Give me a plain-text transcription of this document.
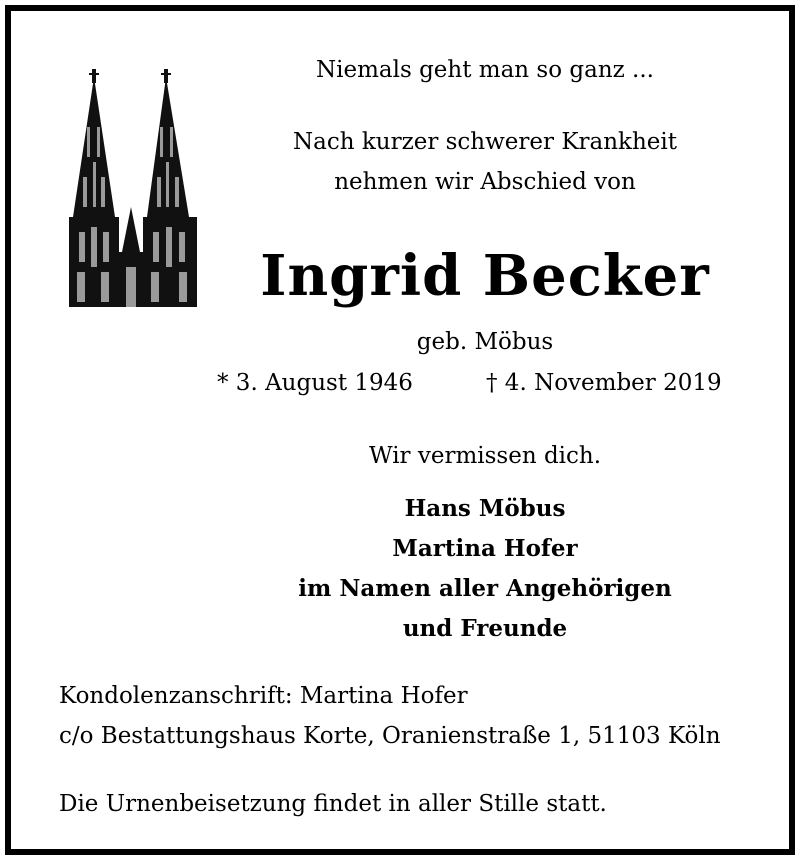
Niemals geht man so ganz ...
Nach kurzer schwerer Krankheit
nehmen wir Abschied von
Ingrid Becker
geb. Möbus
* 3. August 1946	† 4. November 2019
Wir vermissen dich.
Hans Möbus
Martina Hofer
im Namen aller Angehörigen
und Freunde
Kondolenzanschrift: Martina Hofer
c/o Bestattungshaus Korte, Oranienstraße 1, 51103 Köln
Die Urnenbeisetzung findet in aller Stille statt.
